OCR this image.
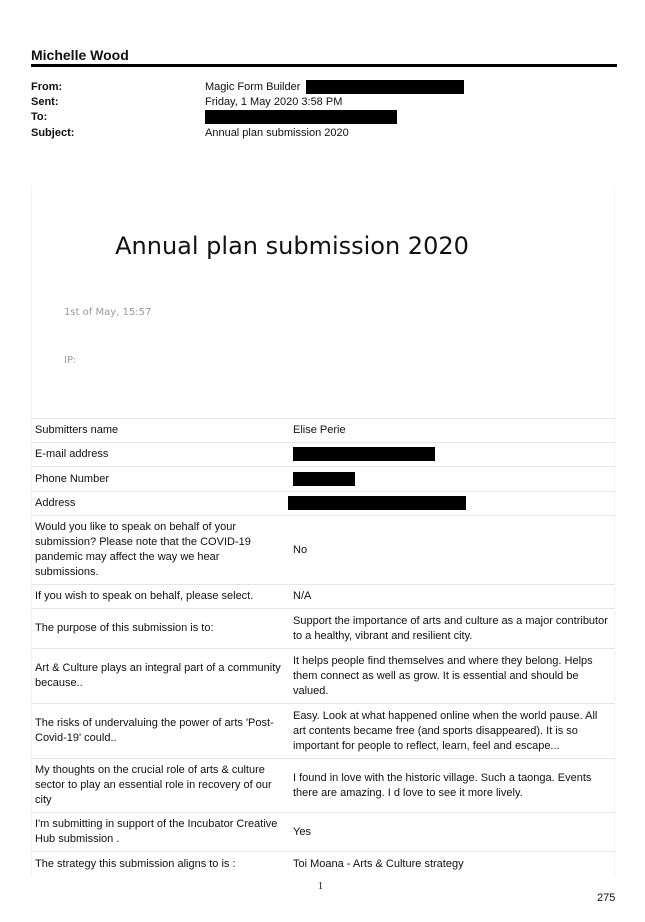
Michelle Wood
From:	Magic Form Builder
Sent:	Friday, 1 May 2020 3:58 PM
To:
Subject:	Annual plan submission 2020
Annual plan submission 2020
1st of May, 15:57
IP:
Submitters name	Elise Perie
E-mail address	
Phone Number	
Address	
Would you like to speak on behalf of your submission? Please note that the COVID-19 pandemic may affect the way we hear submissions.	No
If you wish to speak on behalf, please select.	N/A
The purpose of this submission is to:	Support the importance of arts and culture as a major contributor to a healthy, vibrant and resilient city.
Art & Culture plays an integral part of a community because..	It helps people find themselves and where they belong. Helps them connect as well as grow. It is essential and should be valued.
The risks of undervaluing the power of arts 'Post-Covid-19' could..	Easy. Look at what happened online when the world pause. All art contents became free (and sports disappeared). It is so important for people to reflect, learn, feel and escape...
My thoughts on the crucial role of arts & culture sector to play an essential role in recovery of our city	I found in love with the historic village. Such a taonga. Events there are amazing. I d love to see it more lively.
I'm submitting in support of the Incubator Creative Hub submission .	Yes
The strategy this submission aligns to is :	Toi Moana - Arts & Culture strategy
1
275
